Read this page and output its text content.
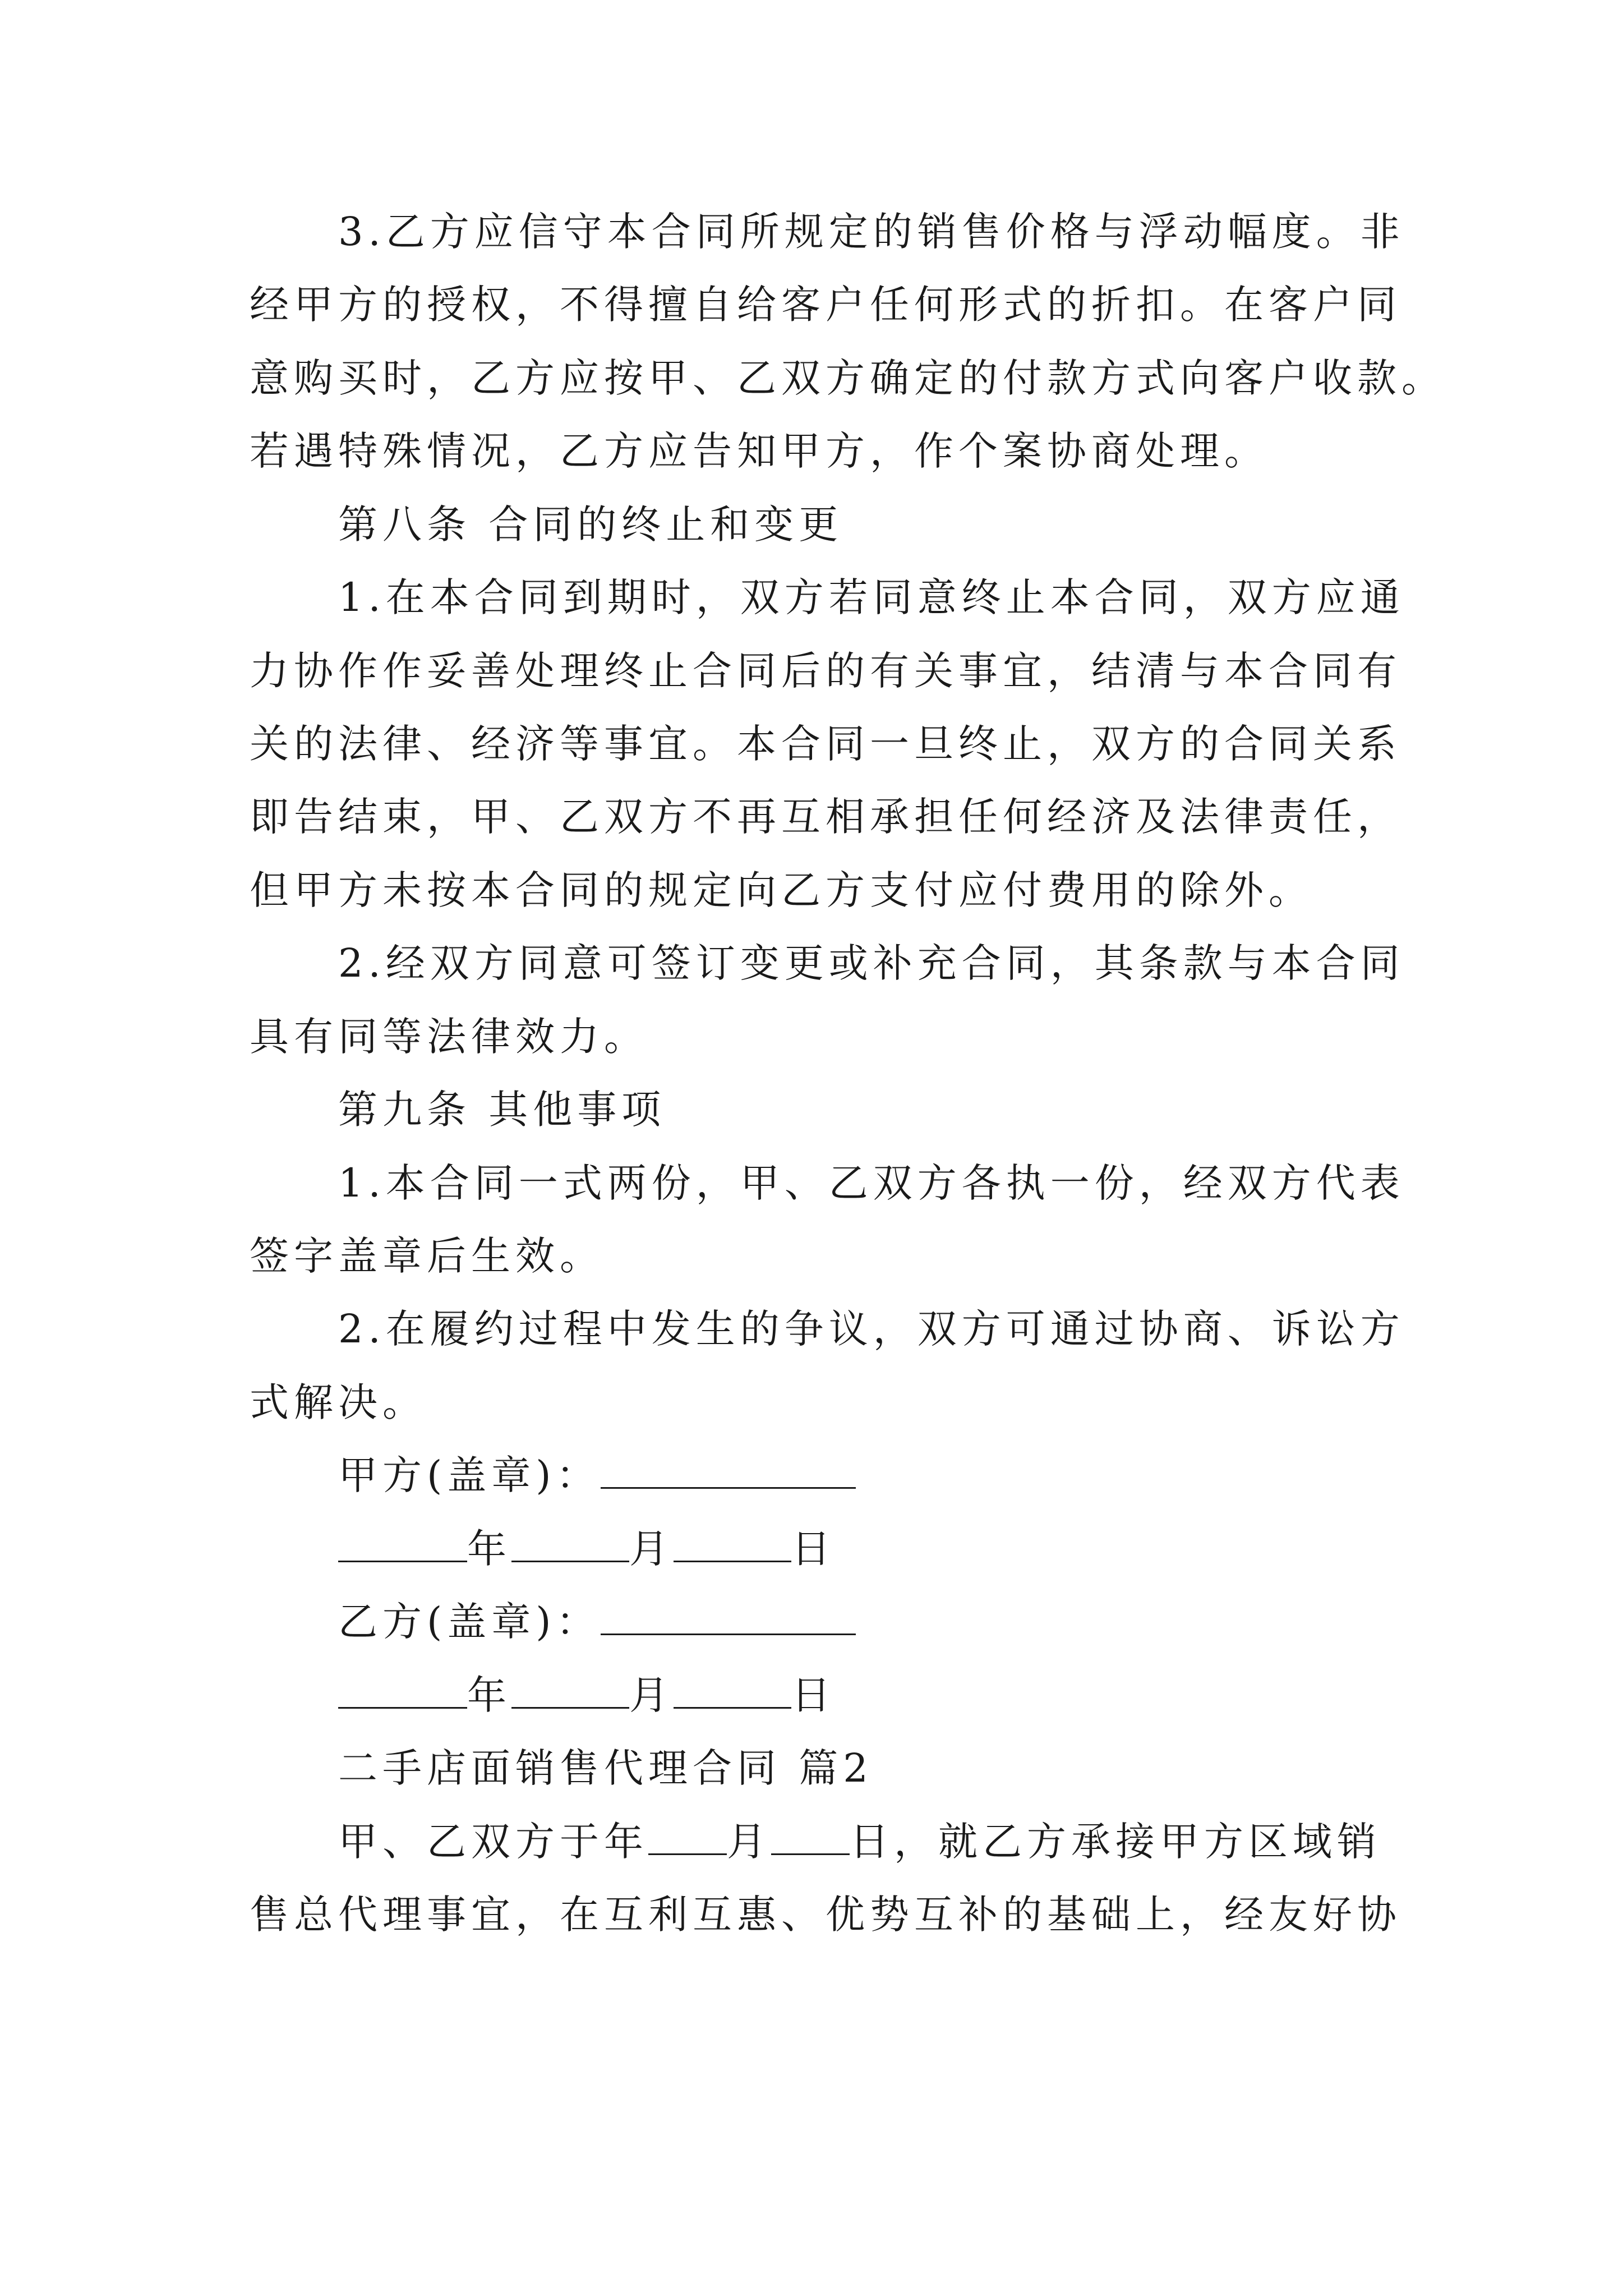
3.乙方应信守本合同所规定的销售价格与浮动幅度。非
经甲方的授权，不得擅自给客户任何形式的折扣。在客户同
意购买时，乙方应按甲、乙双方确定的付款方式向客户收款。
若遇特殊情况，乙方应告知甲方，作个案协商处理。
第八条 合同的终止和变更
1.在本合同到期时，双方若同意终止本合同，双方应通
力协作作妥善处理终止合同后的有关事宜，结清与本合同有
关的法律、经济等事宜。本合同一旦终止，双方的合同关系
即告结束，甲、乙双方不再互相承担任何经济及法律责任，
但甲方未按本合同的规定向乙方支付应付费用的除外。
2.经双方同意可签订变更或补充合同，其条款与本合同
具有同等法律效力。
第九条 其他事项
1.本合同一式两份，甲、乙双方各执一份，经双方代表
签字盖章后生效。
2.在履约过程中发生的争议，双方可通过协商、诉讼方
式解决。
甲方(盖章)：
年	月	日
乙方(盖章)：
年	月	日
二手店面销售代理合同 篇2
甲、乙双方于年 月 日，就乙方承接甲方区域销
售总代理事宜，在互利互惠、优势互补的基础上，经友好协
